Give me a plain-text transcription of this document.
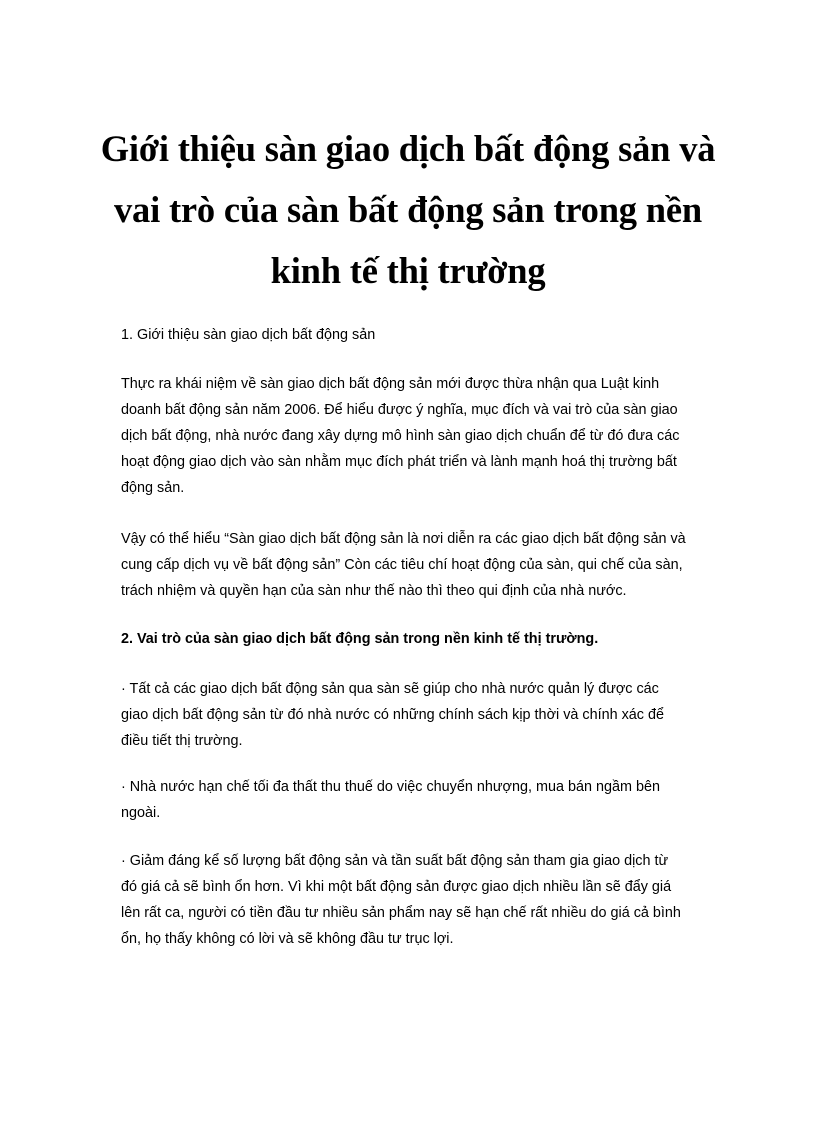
Giới thiệu sàn giao dịch bất động sản và
vai trò của sàn bất động sản trong nền
kinh tế thị trường
1. Giới thiệu sàn giao dịch bất động sản
Thực ra khái niệm về sàn giao dịch bất động sản mới được thừa nhận qua Luật kinh
doanh bất động sản năm 2006. Để hiểu được ý nghĩa, mục đích và vai trò của sàn giao
dịch bất động, nhà nước đang xây dựng mô hình sàn giao dịch chuẩn để từ đó đưa các
hoạt động giao dịch vào sàn nhằm mục đích phát triển và lành mạnh hoá thị trường bất
động sản.
Vậy có thể hiểu “Sàn giao dịch bất động sản là nơi diễn ra các giao dịch bất động sản và
cung cấp dịch vụ về bất động sản” Còn các tiêu chí hoạt động của sàn, qui chế của sàn,
trách nhiệm và quyền hạn của sàn như thế nào thì theo qui định của nhà nước.
2. Vai trò của sàn giao dịch bất động sản trong nền kinh tế thị trường.
· Tất cả các giao dịch bất động sản qua sàn sẽ giúp cho nhà nước quản lý được các
giao dịch bất động sản từ đó nhà nước có những chính sách kịp thời và chính xác để
điều tiết thị trường.
· Nhà nước hạn chế tối đa thất thu thuế do việc chuyển nhượng, mua bán ngầm bên
ngoài.
· Giảm đáng kể số lượng bất động sản và tần suất bất động sản tham gia giao dịch từ
đó giá cả sẽ bình ổn hơn. Vì khi một bất động sản được giao dịch nhiều lần sẽ đẩy giá
lên rất ca, người có tiền đầu tư nhiều sản phẩm nay sẽ hạn chế rất nhiều do giá cả bình
ổn, họ thấy không có lời và sẽ không đầu tư trục lợi.
